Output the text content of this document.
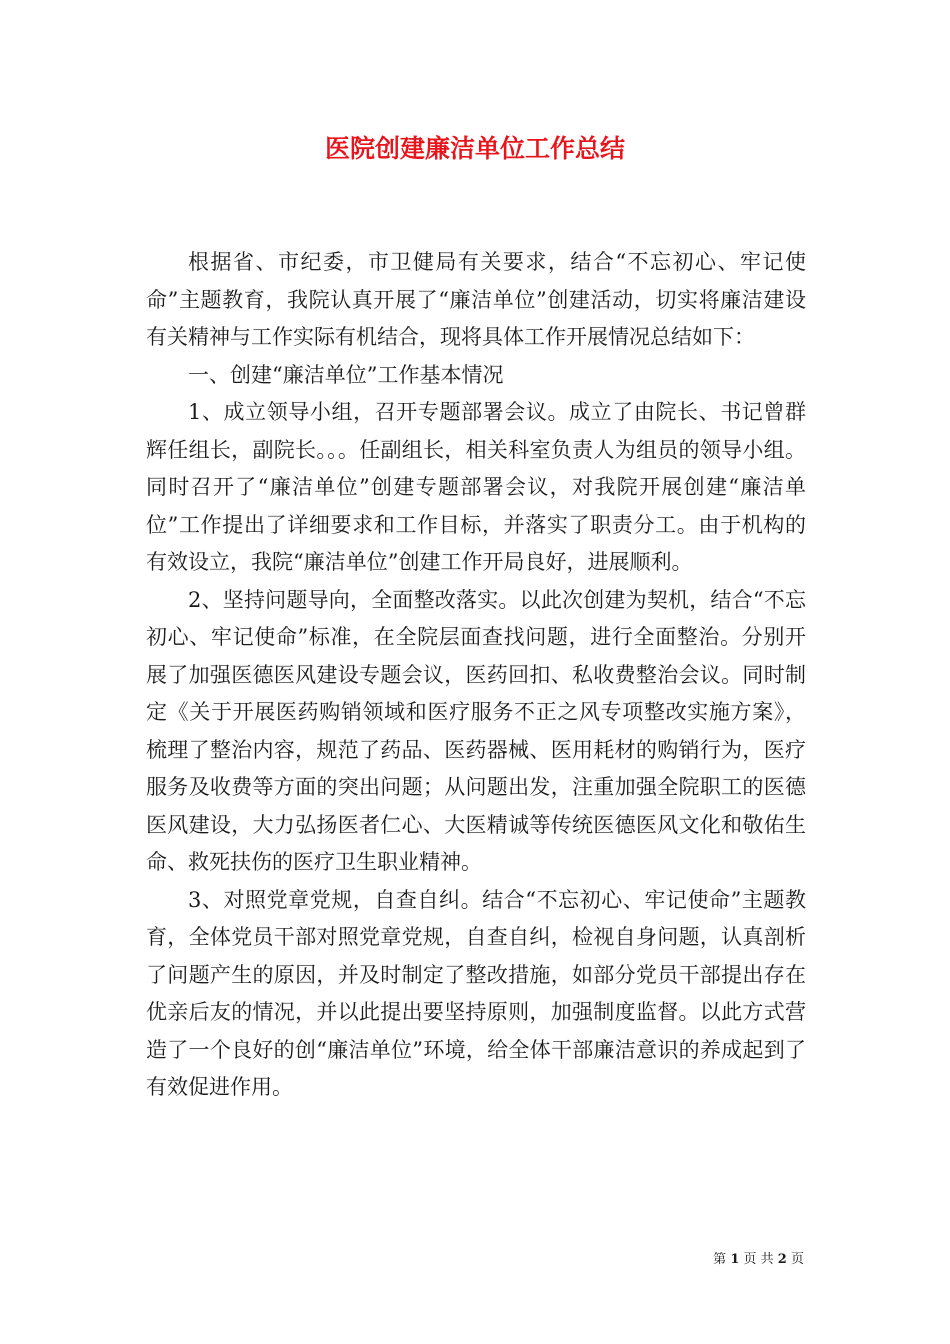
医院创建廉洁单位工作总结

根据省、市纪委，市卫健局有关要求，结合“不忘初心、牢记使命”主题教育，我院认真开展了“廉洁单位”创建活动，切实将廉洁建设有关精神与工作实际有机结合，现将具体工作开展情况总结如下：

一、创建“廉洁单位”工作基本情况

1、成立领导小组，召开专题部署会议。成立了由院长、书记曾群辉任组长，副院长。。。任副组长，相关科室负责人为组员的领导小组。同时召开了“廉洁单位”创建专题部署会议，对我院开展创建“廉洁单位”工作提出了详细要求和工作目标，并落实了职责分工。由于机构的有效设立，我院“廉洁单位”创建工作开局良好，进展顺利。

2、坚持问题导向，全面整改落实。以此次创建为契机，结合“不忘初心、牢记使命”标准，在全院层面查找问题，进行全面整治。分别开展了加强医德医风建设专题会议，医药回扣、私收费整治会议。同时制定《关于开展医药购销领域和医疗服务不正之风专项整改实施方案》，梳理了整治内容，规范了药品、医药器械、医用耗材的购销行为，医疗服务及收费等方面的突出问题；从问题出发，注重加强全院职工的医德医风建设，大力弘扬医者仁心、大医精诚等传统医德医风文化和敬佑生命、救死扶伤的医疗卫生职业精神。

3、对照党章党规，自查自纠。结合“不忘初心、牢记使命”主题教育，全体党员干部对照党章党规，自查自纠，检视自身问题，认真剖析了问题产生的原因，并及时制定了整改措施，如部分党员干部提出存在优亲后友的情况，并以此提出要坚持原则，加强制度监督。以此方式营造了一个良好的创“廉洁单位”环境，给全体干部廉洁意识的养成起到了有效促进作用。

第 1 页 共 2 页
